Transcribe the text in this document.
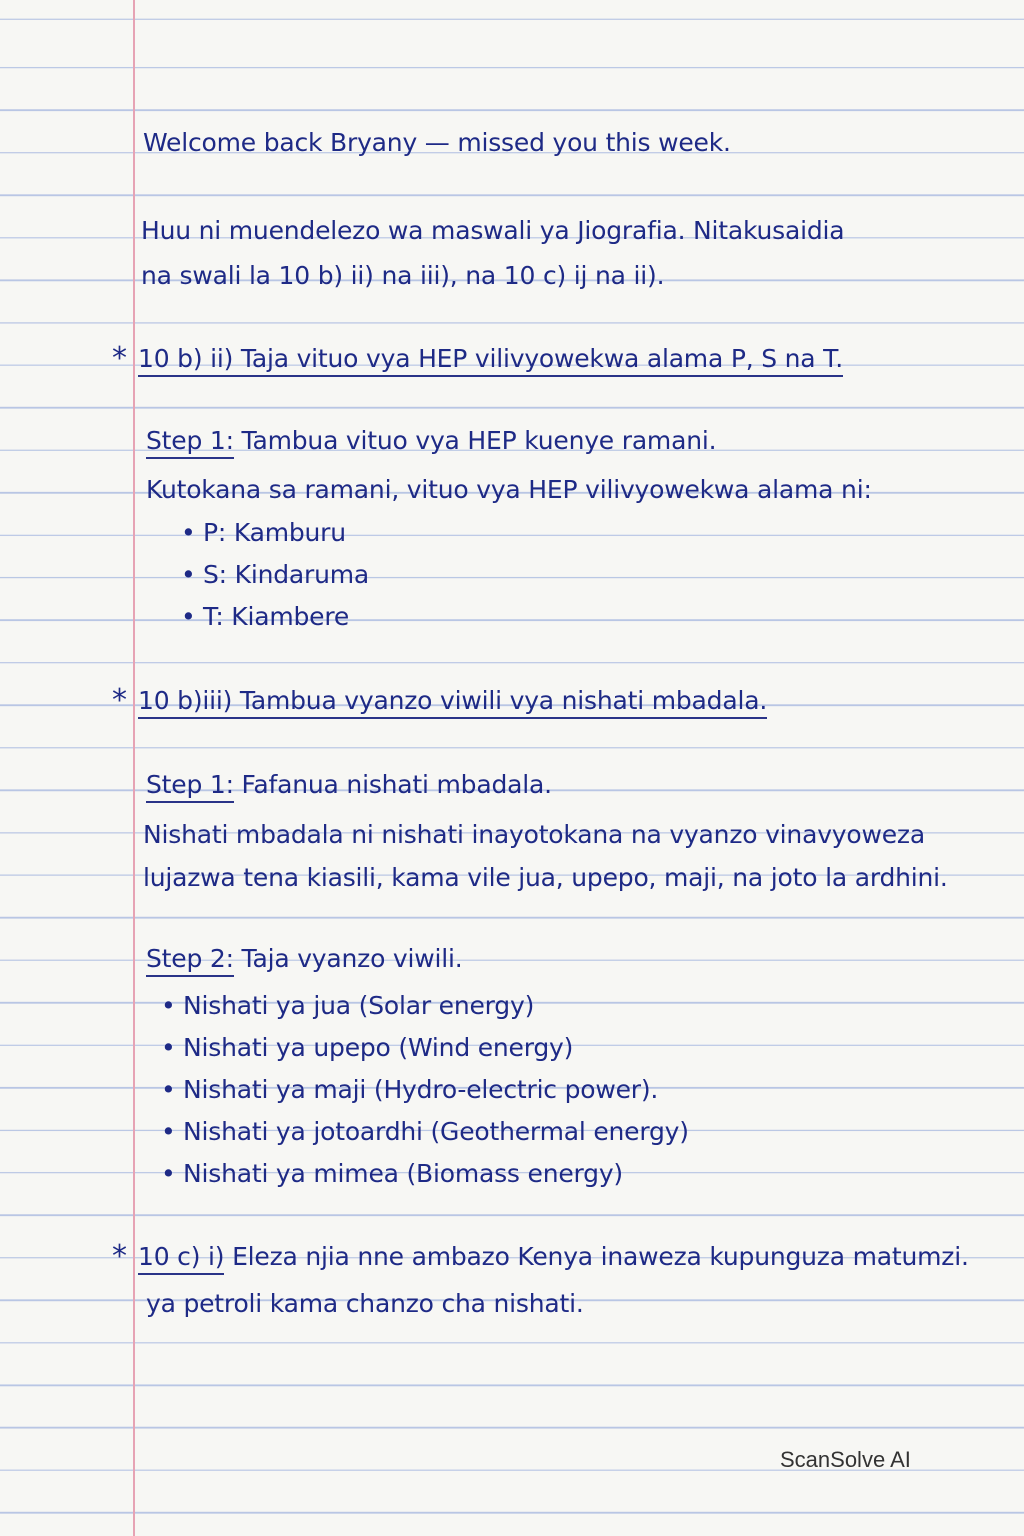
Welcome back Bryany — missed you this week.
Huu ni muendelezo wa maswali ya Jiografia. Nitakusaidia
na swali la 10 b) ii) na iii), na 10 c) ij na ii).
* 10 b) ii) Taja vituo vya HEP vilivyowekwa alama P, S na T.
Step 1: Tambua vituo vya HEP kuenye ramani.
Kutokana sa ramani, vituo vya HEP vilivyowekwa alama ni:
• P: Kamburu
• S: Kindaruma
• T: Kiambere
* 10 b)iii) Tambua vyanzo viwili vya nishati mbadala.
Step 1: Fafanua nishati mbadala.
Nishati mbadala ni nishati inayotokana na vyanzo vinavyoweza
lujazwa tena kiasili, kama vile jua, upepo, maji, na joto la ardhini.
Step 2: Taja vyanzo viwili.
• Nishati ya jua (Solar energy)
• Nishati ya upepo (Wind energy)
• Nishati ya maji (Hydro-electric power).
• Nishati ya jotoardhi (Geothermal energy)
• Nishati ya mimea (Biomass energy)
* 10 c) i) Eleza njia nne ambazo Kenya inaweza kupunguza matumzi.
ya petroli kama chanzo cha nishati.
ScanSolve AI
